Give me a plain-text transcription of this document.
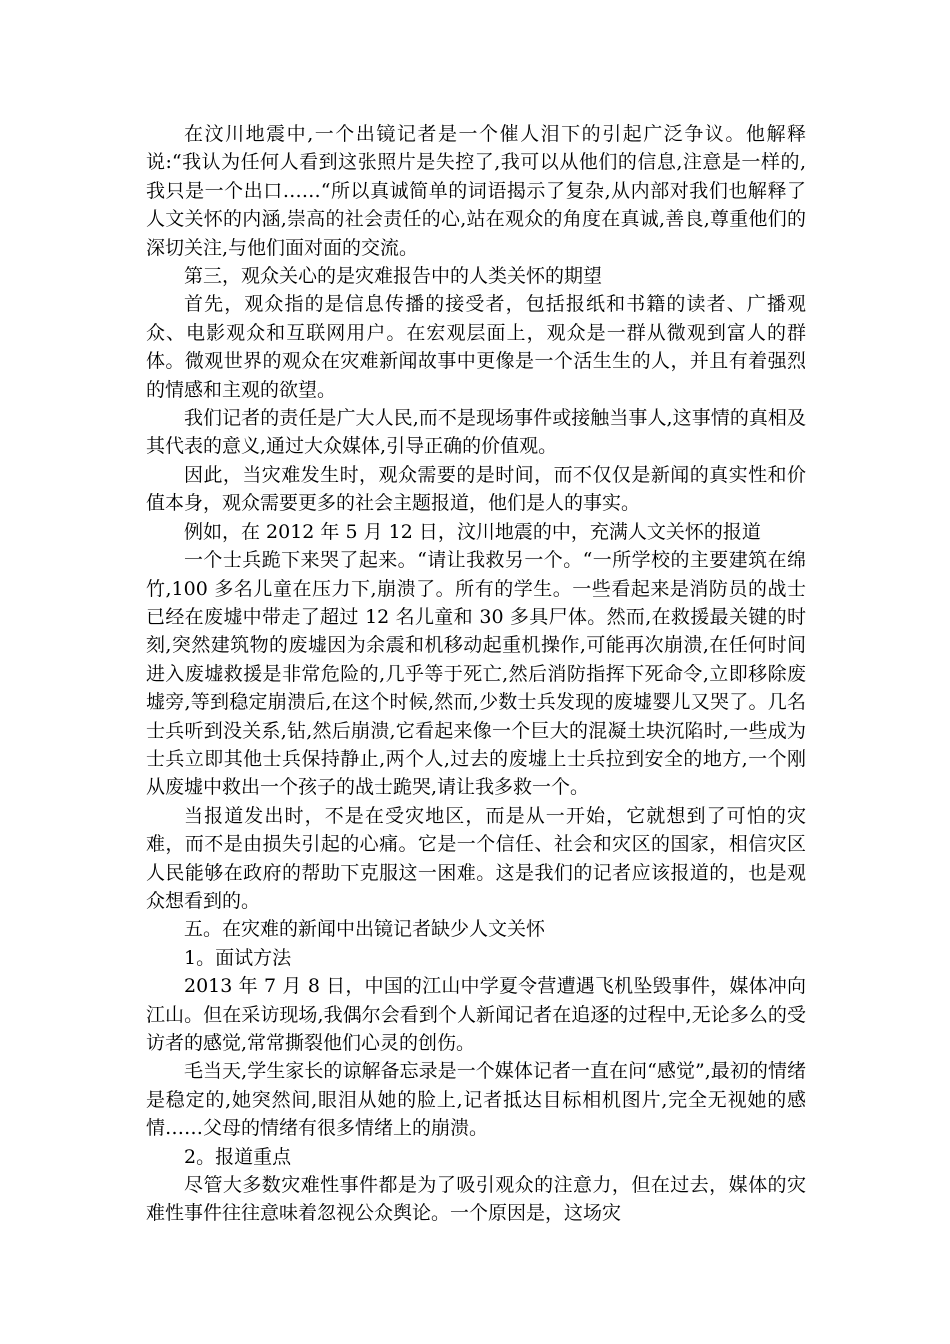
在汶川地震中,一个出镜记者是一个催人泪下的引起广泛争议。他解释说:“我认为任何人看到这张照片是失控了,我可以从他们的信息,注意是一样的,我只是一个出口……“所以真诚简单的词语揭示了复杂,从内部对我们也解释了人文关怀的内涵,崇高的社会责任的心,站在观众的角度在真诚,善良,尊重他们的深切关注,与他们面对面的交流。

第三，观众关心的是灾难报告中的人类关怀的期望

首先，观众指的是信息传播的接受者，包括报纸和书籍的读者、广播观众、电影观众和互联网用户。在宏观层面上，观众是一群从微观到富人的群体。微观世界的观众在灾难新闻故事中更像是一个活生生的人，并且有着强烈的情感和主观的欲望。

我们记者的责任是广大人民,而不是现场事件或接触当事人,这事情的真相及其代表的意义,通过大众媒体,引导正确的价值观。

因此，当灾难发生时，观众需要的是时间，而不仅仅是新闻的真实性和价值本身，观众需要更多的社会主题报道，他们是人的事实。

例如，在 2012 年 5 月 12 日，汶川地震的中，充满人文关怀的报道

一个士兵跪下来哭了起来。“请让我救另一个。“一所学校的主要建筑在绵竹,100 多名儿童在压力下,崩溃了。所有的学生。一些看起来是消防员的战士已经在废墟中带走了超过 12 名儿童和 30 多具尸体。然而,在救援最关键的时刻,突然建筑物的废墟因为余震和机移动起重机操作,可能再次崩溃,在任何时间进入废墟救援是非常危险的,几乎等于死亡,然后消防指挥下死命令,立即移除废墟旁,等到稳定崩溃后,在这个时候,然而,少数士兵发现的废墟婴儿又哭了。几名士兵听到没关系,钻,然后崩溃,它看起来像一个巨大的混凝土块沉陷时,一些成为士兵立即其他士兵保持静止,两个人,过去的废墟上士兵拉到安全的地方,一个刚从废墟中救出一个孩子的战士跪哭,请让我多救一个。

当报道发出时，不是在受灾地区，而是从一开始，它就想到了可怕的灾难，而不是由损失引起的心痛。它是一个信任、社会和灾区的国家，相信灾区人民能够在政府的帮助下克服这一困难。这是我们的记者应该报道的，也是观众想看到的。

五。在灾难的新闻中出镜记者缺少人文关怀

1。面试方法

2013 年 7 月 8 日，中国的江山中学夏令营遭遇飞机坠毁事件，媒体冲向江山。但在采访现场,我偶尔会看到个人新闻记者在追逐的过程中,无论多么的受访者的感觉,常常撕裂他们心灵的创伤。

毛当天,学生家长的谅解备忘录是一个媒体记者一直在问“感觉”,最初的情绪是稳定的,她突然间,眼泪从她的脸上,记者抵达目标相机图片,完全无视她的感情……父母的情绪有很多情绪上的崩溃。

2。报道重点

尽管大多数灾难性事件都是为了吸引观众的注意力，但在过去，媒体的灾难性事件往往意味着忽视公众舆论。一个原因是，这场灾
